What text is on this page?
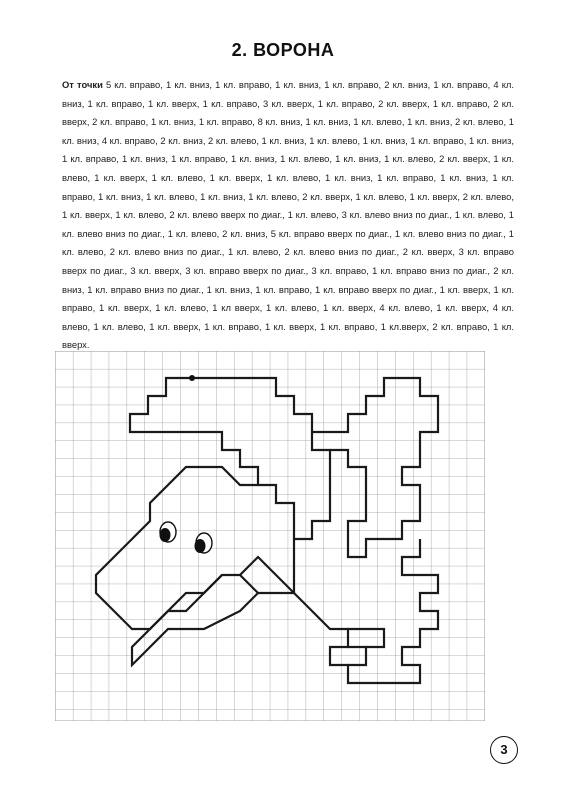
2. ВОРОНА
От точки 5 кл. вправо, 1 кл. вниз, 1 кл. вправо, 1 кл. вниз, 1 кл. вправо, 2 кл. вниз, 1 кл. вправо, 4 кл. вниз, 1 кл. вправо, 1 кл. вверх, 1 кл. вправо, 3 кл. вверх, 1 кл. вправо, 2 кл. вверх, 1 кл. вправо, 2 кл. вверх, 2 кл. вправо, 1 кл. вниз, 1 кл. вправо, 8 кл. вниз, 1 кл. вниз, 1 кл. влево, 1 кл. вниз, 2 кл. влево, 1 кл. вниз, 4 кл. вправо, 2 кл. вниз, 2 кл. влево, 1 кл. вниз, 1 кл. влево, 1 кл. вниз, 1 кл. вправо, 1 кл. вниз, 1 кл. вправо, 1 кл. вниз, 1 кл. вправо, 1 кл. вниз, 1 кл. влево, 1 кл. вниз, 1 кл. влево, 2 кл. вверх, 1 кл. влево, 1 кл. вверх, 1 кл. влево, 1 кл. вверх, 1 кл. влево, 1 кл. вниз, 1 кл. вправо, 1 кл. вниз, 1 кл. вправо, 1 кл. вниз, 1 кл. влево, 1 кл. вниз, 1 кл. влево, 2 кл. вверх, 1 кл. влево, 1 кл. вверх, 2 кл. влево, 1 кл. вверх, 1 кл. влево, 2 кл. влево вверх по диаг., 1 кл. влево, 3 кл. влево вниз по диаг., 1 кл. влево, 1 кл. влево вниз по диаг., 1 кл. влево, 2 кл. вниз, 5 кл. вправо вверх по диаг., 1 кл. влево вниз по диаг., 1 кл. влево, 2 кл. влево вниз по диаг., 1 кл. влево, 2 кл. влево вниз по диаг., 2 кл. вверх, 3 кл. вправо вверх по диаг., 3 кл. вверх, 3 кл. вправо вверх по диаг., 3 кл. вправо, 1 кл. вправо вниз по диаг., 2 кл. вниз, 1 кл. вправо вниз по диаг., 1 кл. вниз, 1 кл. вправо, 1 кл. вправо вверх по диаг., 1 кл. вверх, 1 кл. вправо, 1 кл. вверх, 1 кл. влево, 1 кл вверх, 1 кл. влево, 1 кл. вверх, 4 кл. влево, 1 кл. вверх, 4 кл. влево, 1 кл. влево, 1 кл. вверх, 1 кл. вправо, 1 кл. вверх, 1 кл. вправо, 1 кл.вверх, 2 кл. вправо, 1 кл. вверх.
3
